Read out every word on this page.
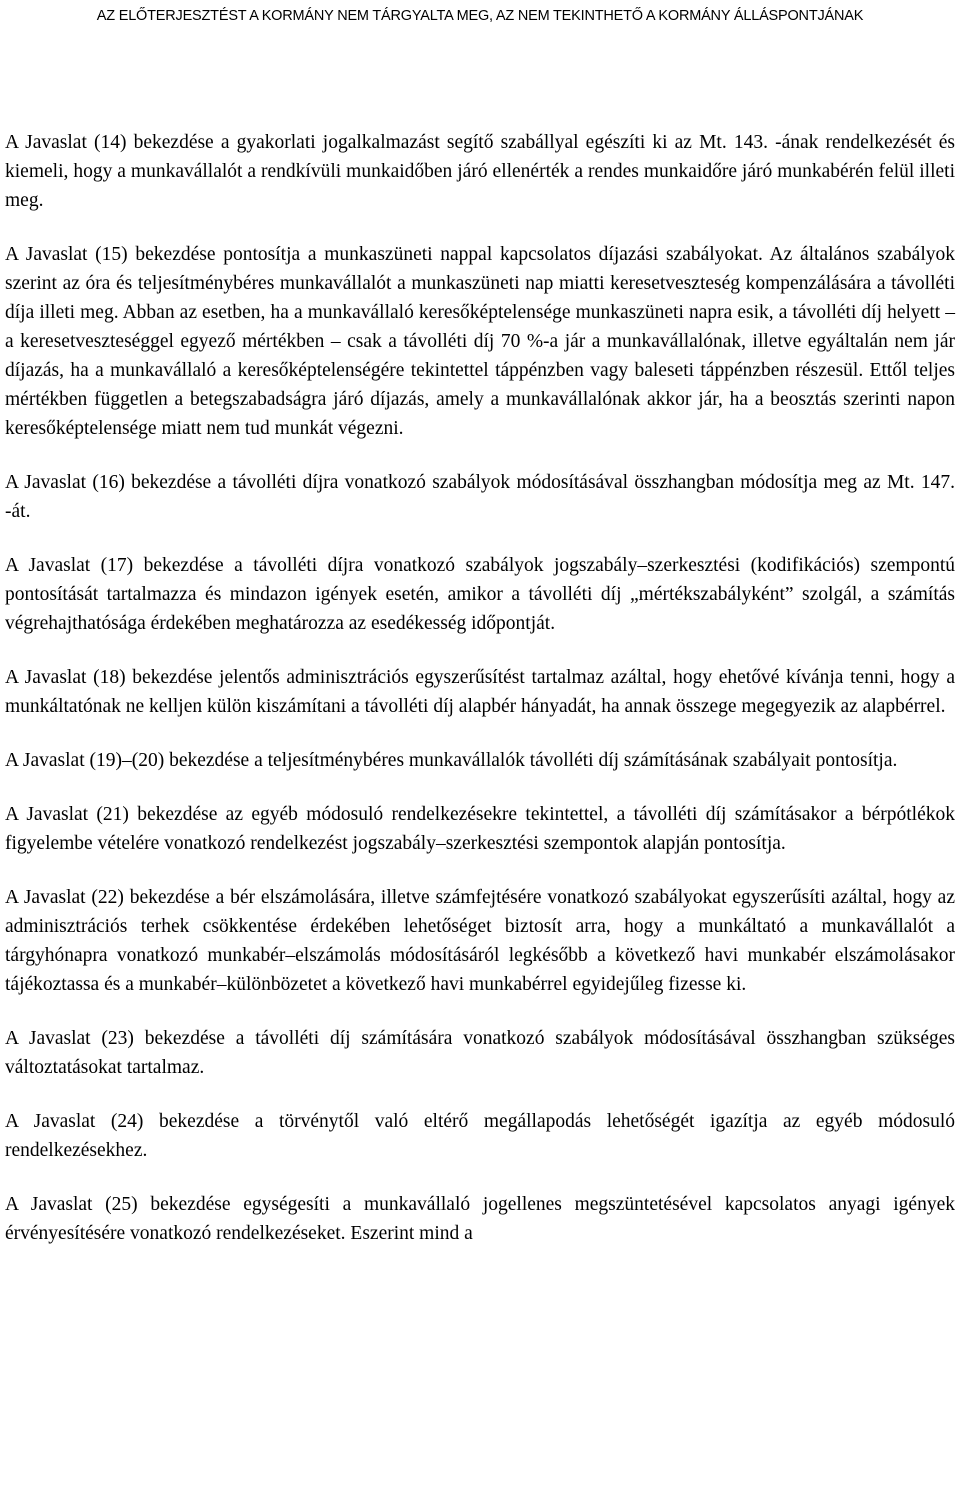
AZ ELŐTERJESZTÉST A KORMÁNY NEM TÁRGYALTA MEG, AZ NEM TEKINTHETŐ A KORMÁNY ÁLLÁSPONTJÁNAK

A Javaslat (14) bekezdése a gyakorlati jogalkalmazást segítő szabállyal egészíti ki az Mt. 143. -ának rendelkezését és kiemeli, hogy a munkavállalót a rendkívüli munkaidőben járó ellenérték a rendes munkaidőre járó munkabérén felül illeti meg.

A Javaslat (15) bekezdése pontosítja a munkaszüneti nappal kapcsolatos díjazási szabályokat. Az általános szabályok szerint az óra és teljesítménybéres munkavállalót a munkaszüneti nap miatti keresetveszteség kompenzálására a távolléti díja illeti meg. Abban az esetben, ha a munkavállaló keresőképtelensége munkaszüneti napra esik, a távolléti díj helyett – a keresetveszteséggel egyező mértékben – csak a távolléti díj 70 %-a jár a munkavállalónak, illetve egyáltalán nem jár díjazás, ha a munkavállaló a keresőképtelenségére tekintettel táppénzben vagy baleseti táppénzben részesül. Ettől teljes mértékben független a betegszabadságra járó díjazás, amely a munkavállalónak akkor jár, ha a beosztás szerinti napon keresőképtelensége miatt nem tud munkát végezni.

A Javaslat (16) bekezdése a távolléti díjra vonatkozó szabályok módosításával összhangban módosítja meg az Mt. 147. -át.

A Javaslat (17) bekezdése a távolléti díjra vonatkozó szabályok jogszabály–szerkesztési (kodifikációs) szempontú pontosítását tartalmazza és mindazon igények esetén, amikor a távolléti díj „mértékszabályként” szolgál, a számítás végrehajthatósága érdekében meghatározza az esedékesség időpontját.

A Javaslat (18) bekezdése jelentős adminisztrációs egyszerűsítést tartalmaz azáltal, hogy ehetővé kívánja tenni, hogy a munkáltatónak ne kelljen külön kiszámítani a távolléti díj alapbér hányadát, ha annak összege megegyezik az alapbérrel.

A Javaslat (19)–(20) bekezdése a teljesítménybéres munkavállalók távolléti díj számításának szabályait pontosítja.

A Javaslat (21) bekezdése az egyéb módosuló rendelkezésekre tekintettel, a távolléti díj számításakor a bérpótlékok figyelembe vételére vonatkozó rendelkezést jogszabály–szerkesztési szempontok alapján pontosítja.

A Javaslat (22) bekezdése a bér elszámolására, illetve számfejtésére vonatkozó szabályokat egyszerűsíti azáltal, hogy az adminisztrációs terhek csökkentése érdekében lehetőséget biztosít arra, hogy a munkáltató a munkavállalót a tárgyhónapra vonatkozó munkabér–elszámolás módosításáról legkésőbb a következő havi munkabér elszámolásakor tájékoztassa és a munkabér–különbözetet a következő havi munkabérrel egyidejűleg fizesse ki.

A Javaslat (23) bekezdése a távolléti díj számítására vonatkozó szabályok módosításával összhangban szükséges változtatásokat tartalmaz.

A Javaslat (24) bekezdése a törvénytől való eltérő megállapodás lehetőségét igazítja az egyéb módosuló rendelkezésekhez.

A Javaslat (25) bekezdése egységesíti a munkavállaló jogellenes megszüntetésével kapcsolatos anyagi igények érvényesítésére vonatkozó rendelkezéseket. Eszerint mind a
